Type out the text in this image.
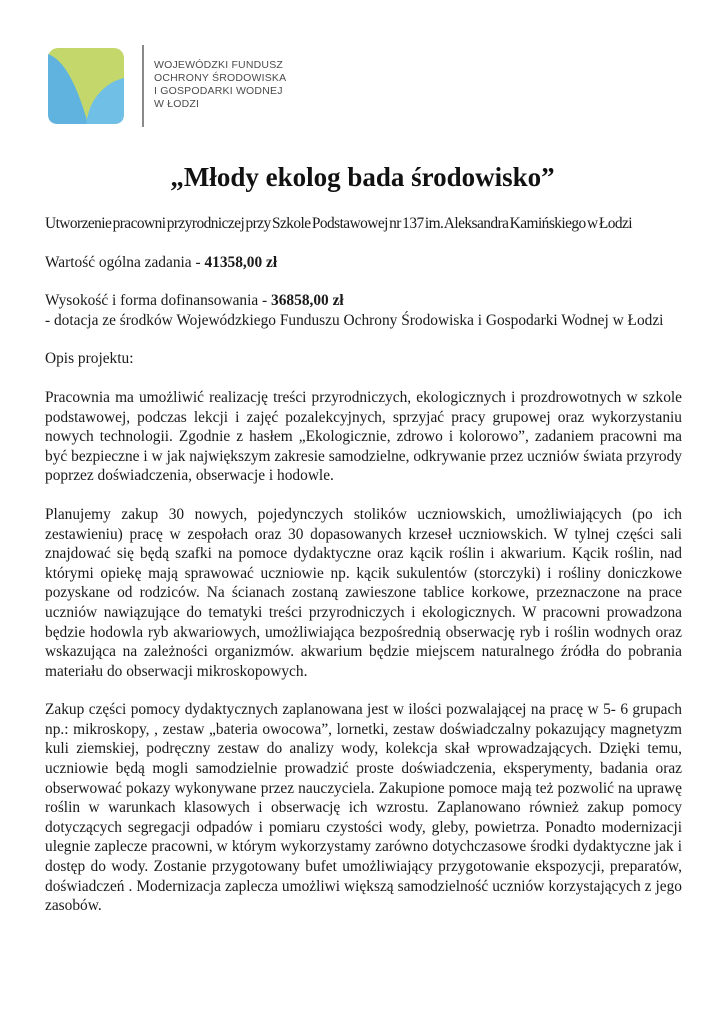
WOJEWÓDZKI FUNDUSZ
OCHRONY ŚRODOWISKA
I GOSPODARKI WODNEJ
W ŁODZI
„Młody ekolog bada środowisko”
Utworzenie pracowni przyrodniczej przy Szkole Podstawowej nr 137 im. Aleksandra Kamińskiego w Łodzi
Wartość ogólna zadania - 41358,00 zł
Wysokość i forma dofinansowania - 36858,00 zł
- dotacja ze środków Wojewódzkiego Funduszu Ochrony Środowiska i Gospodarki Wodnej w Łodzi
Opis projektu:
Pracownia ma umożliwić realizację treści przyrodniczych, ekologicznych i prozdrowotnych w szkole podstawowej, podczas lekcji i zajęć pozalekcyjnych, sprzyjać pracy grupowej oraz wykorzystaniu nowych technologii. Zgodnie z hasłem „Ekologicznie, zdrowo i kolorowo”, zadaniem pracowni ma być bezpieczne i w jak największym zakresie samodzielne, odkrywanie przez uczniów świata przyrody poprzez doświadczenia, obserwacje i hodowle.
Planujemy zakup 30 nowych, pojedynczych stolików uczniowskich, umożliwiających (po ich zestawieniu) pracę w zespołach oraz 30 dopasowanych krzeseł uczniowskich. W tylnej części sali znajdować się będą szafki na pomoce dydaktyczne oraz kącik roślin i akwarium. Kącik roślin, nad którymi opiekę mają sprawować uczniowie np. kącik sukulentów (storczyki) i rośliny doniczkowe pozyskane od rodziców. Na ścianach zostaną zawieszone tablice korkowe, przeznaczone na prace uczniów nawiązujące do tematyki treści przyrodniczych i ekologicznych. W pracowni prowadzona będzie hodowla ryb akwariowych, umożliwiająca bezpośrednią obserwację ryb i roślin wodnych oraz wskazująca na zależności organizmów. akwarium będzie miejscem naturalnego źródła do pobrania materiału do obserwacji mikroskopowych.
Zakup części pomocy dydaktycznych zaplanowana jest w ilości pozwalającej na pracę w 5- 6 grupach np.: mikroskopy, , zestaw „bateria owocowa”, lornetki, zestaw doświadczalny pokazujący magnetyzm kuli ziemskiej, podręczny zestaw do analizy wody, kolekcja skał wprowadzających. Dzięki temu, uczniowie będą mogli samodzielnie prowadzić proste doświadczenia, eksperymenty, badania oraz obserwować pokazy wykonywane przez nauczyciela. Zakupione pomoce mają też pozwolić na uprawę roślin w warunkach klasowych i obserwację ich wzrostu. Zaplanowano również zakup pomocy dotyczących segregacji odpadów i pomiaru czystości wody, gleby, powietrza. Ponadto modernizacji ulegnie zaplecze pracowni, w którym wykorzystamy zarówno dotychczasowe środki dydaktyczne jak i dostęp do wody. Zostanie przygotowany bufet umożliwiający przygotowanie ekspozycji, preparatów, doświadczeń . Modernizacja zaplecza umożliwi większą samodzielność uczniów korzystających z jego zasobów.
